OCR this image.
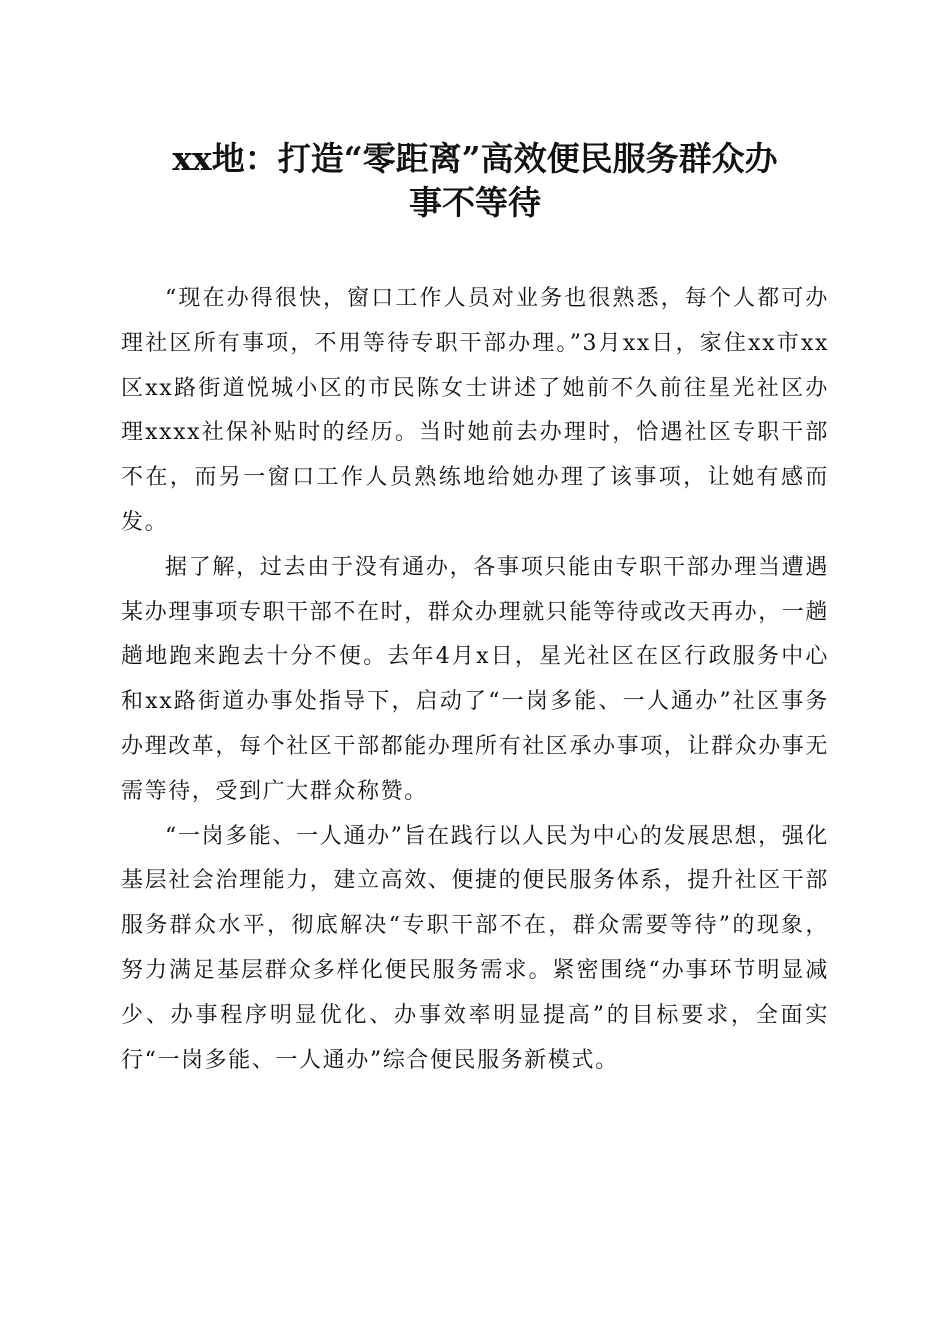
xx地：打造“零距离”高效便民服务群众办
事不等待

“现在办得很快，窗口工作人员对业务也很熟悉，每个人都可办理社区所有事项，不用等待专职干部办理。”3月xx日，家住xx市xx区xx路街道悦城小区的市民陈女士讲述了她前不久前往星光社区办理xxxx社保补贴时的经历。当时她前去办理时，恰遇社区专职干部不在，而另一窗口工作人员熟练地给她办理了该事项，让她有感而发。

据了解，过去由于没有通办，各事项只能由专职干部办理当遭遇某办理事项专职干部不在时，群众办理就只能等待或改天再办，一趟趟地跑来跑去十分不便。去年4月x日，星光社区在区行政服务中心和xx路街道办事处指导下，启动了“一岗多能、一人通办”社区事务办理改革，每个社区干部都能办理所有社区承办事项，让群众办事无需等待，受到广大群众称赞。

“一岗多能、一人通办”旨在践行以人民为中心的发展思想，强化基层社会治理能力，建立高效、便捷的便民服务体系，提升社区干部服务群众水平，彻底解决“专职干部不在，群众需要等待”的现象，努力满足基层群众多样化便民服务需求。紧密围绕“办事环节明显减少、办事程序明显优化、办事效率明显提高”的目标要求，全面实行“一岗多能、一人通办”综合便民服务新模式。
